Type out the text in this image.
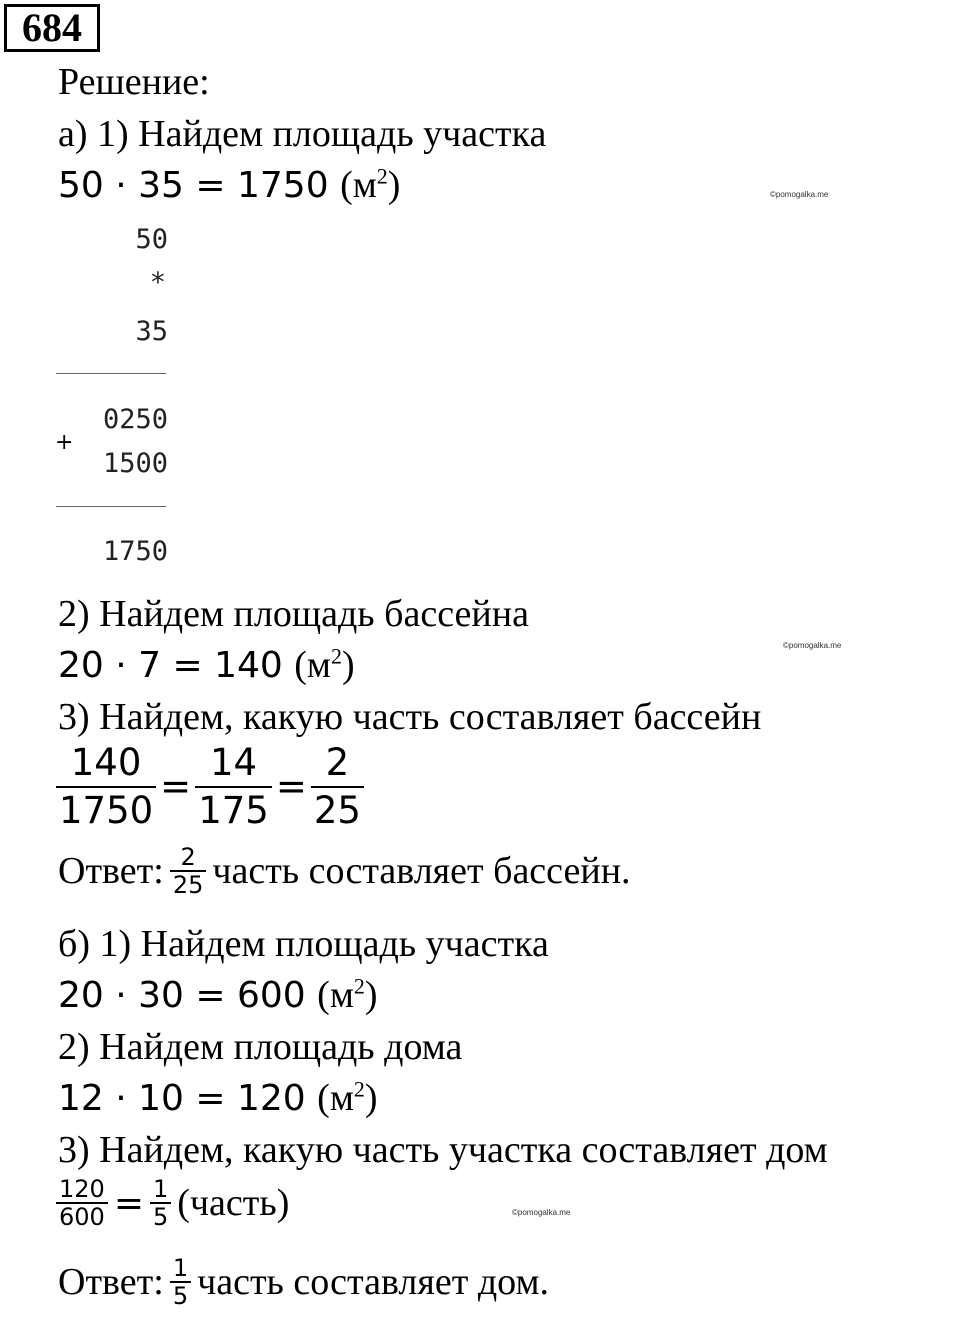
684
Решение:
а) 1) Найдем площадь участка
50 · 35 = 1750 $(м^2)$	©pomogalka.me
50
*
35
0250
+
1500
1750
2) Найдем площадь бассейна
20 · 7 = 140 $(м^2)$	©pomogalka.me
3) Найдем, какую часть составляет бассейн
$\frac{140}{1750} = \frac{14}{175} = \frac{2}{25}$
Ответ: $\frac{2}{25}$ часть составляет бассейн.
б) 1) Найдем площадь участка
20 · 30 = 600 $(м^2)$
2) Найдем площадь дома
12 · 10 = 120 $(м^2)$
3) Найдем, какую часть участка составляет дом
$\frac{120}{600} = \frac{1}{5}$ (часть)	©pomogalka.me
Ответ: $\frac{1}{5}$ часть составляет дом.
